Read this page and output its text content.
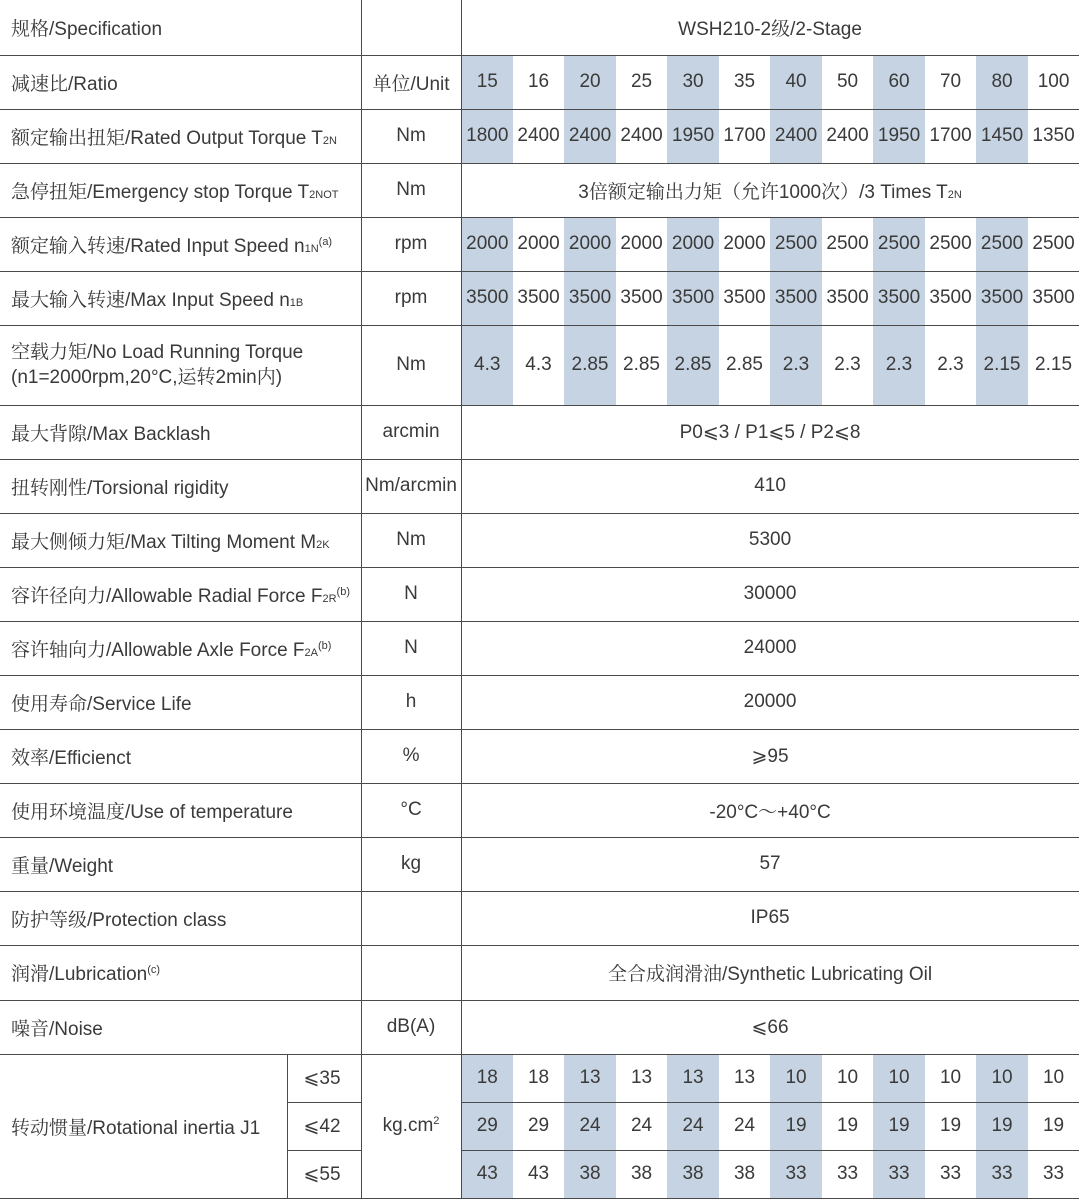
规格/Specification			WSH210-2级/2-Stage											
减速比/Ratio		单位/Unit	15	16	20	25	30	35	40	50	60	70	80	100
额定输出扭矩/Rated Output Torque T2N		Nm	1800	2400	2400	2400	1950	1700	2400	2400	1950	1700	1450	1350
急停扭矩/Emergency stop Torque T2NOT		Nm	3倍额定输出力矩（允许1000次）/3 Times T2N											
额定输入转速/Rated Input Speed $n1N^{(a)}$		rpm	2000	2000	2000	2000	2000	2000	2500	2500	2500	2500	2500	2500
最大输入转速/Max Input Speed n1B		rpm	3500	3500	3500	3500	3500	3500	3500	3500	3500	3500	3500	3500

空载力矩/No Load Running Torque
(n1=2000rpm,20°C,运转2min内)		Nm	4.3	4.3	2.85	2.85	2.85	2.85	2.3	2.3	2.3	2.3	2.15	2.15
最大背隙/Max Backlash		arcmin	P0⩽3 / P1⩽5 / P2⩽8											
扭转刚性/Torsional rigidity		Nm/arcmin	410											
最大侧倾力矩/Max Tilting Moment M2K		Nm	5300											
容许径向力/Allowable Radial Force $F2R^{(b)}$		N	30000											
容许轴向力/Allowable Axle Force $F2A^{(b)}$		N	24000											
使用寿命/Service Life		h	20000											
效率/Efficienct		%	⩾95											
使用环境温度/Use of temperature		°C	-20°C～+40°C											
重量/Weight		kg	57											
防护等级/Protection class			IP65											
润滑/Lubrication$^{(c)}$			全合成润滑油/Synthetic Lubricating Oil											
噪音/Noise		dB(A)	⩽66											
转动惯量/Rotational inertia J1	⩽35	$kg.cm^2$	18	18	13	13	13	13	10	10	10	10	10	10
	⩽42		29	29	24	24	24	24	19	19	19	19	19	19
	⩽55		43	43	38	38	38	38	33	33	33	33	33	33
